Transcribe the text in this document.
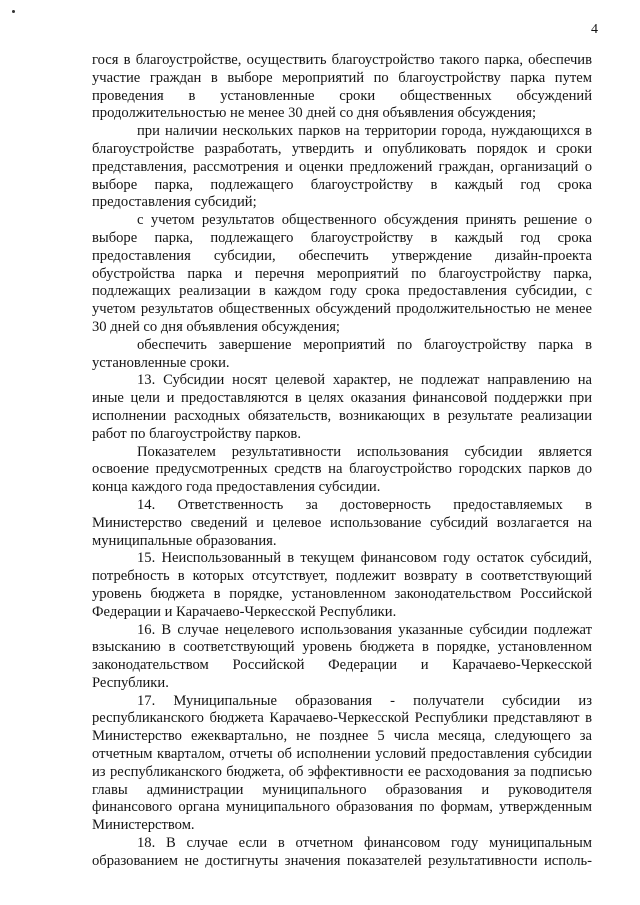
4

гося в благоустройстве, осуществить благоустройство такого парка, обеспечив участие граждан в выборе мероприятий по благоустройству парка путем проведения в установленные сроки общественных обсуждений продолжительностью не менее 30 дней со дня объявления обсуждения;

при наличии нескольких парков на территории города, нуждающихся в благоустройстве разработать, утвердить и опубликовать порядок и сроки представления, рассмотрения и оценки предложений граждан, организаций о выборе парка, подлежащего благоустройству в каждый год срока предоставления субсидий;

с учетом результатов общественного обсуждения принять решение о выборе парка, подлежащего благоустройству в каждый год срока предоставления субсидии, обеспечить утверждение дизайн-проекта обустройства парка и перечня мероприятий по благоустройству парка, подлежащих реализации в каждом году срока предоставления субсидии, с учетом результатов общественных обсуждений продолжительностью не менее 30 дней со дня объявления обсуждения;

обеспечить завершение мероприятий по благоустройству парка в установленные сроки.

13. Субсидии носят целевой характер, не подлежат направлению на иные цели и предоставляются в целях оказания финансовой поддержки при исполнении расходных обязательств, возникающих в результате реализации работ по благоустройству парков.

Показателем результативности использования субсидии является освоение предусмотренных средств на благоустройство городских парков до конца каждого года предоставления субсидии.

14. Ответственность за достоверность предоставляемых в Министерство сведений и целевое использование субсидий возлагается на муниципальные образования.

15. Неиспользованный в текущем финансовом году остаток субсидий, потребность в которых отсутствует, подлежит возврату в соответствующий уровень бюджета в порядке, установленном законодательством Российской Федерации и Карачаево-Черкесской Республики.

16. В случае нецелевого использования указанные субсидии подлежат взысканию в соответствующий уровень бюджета в порядке, установленном законодательством Российской Федерации и Карачаево-Черкесской Республики.

17. Муниципальные образования - получатели субсидии из республиканского бюджета Карачаево-Черкесской Республики представляют в Министерство ежеквартально, не позднее 5 числа месяца, следующего за отчетным кварталом, отчеты об исполнении условий предоставления субсидии из республиканского бюджета, об эффективности ее расходования за подписью главы администрации муниципального образования и руководителя финансового органа муниципального образования по формам, утвержденным Министерством.

18. В случае если в отчетном финансовом году муниципальным образованием не достигнуты значения показателей результативности исполь-
